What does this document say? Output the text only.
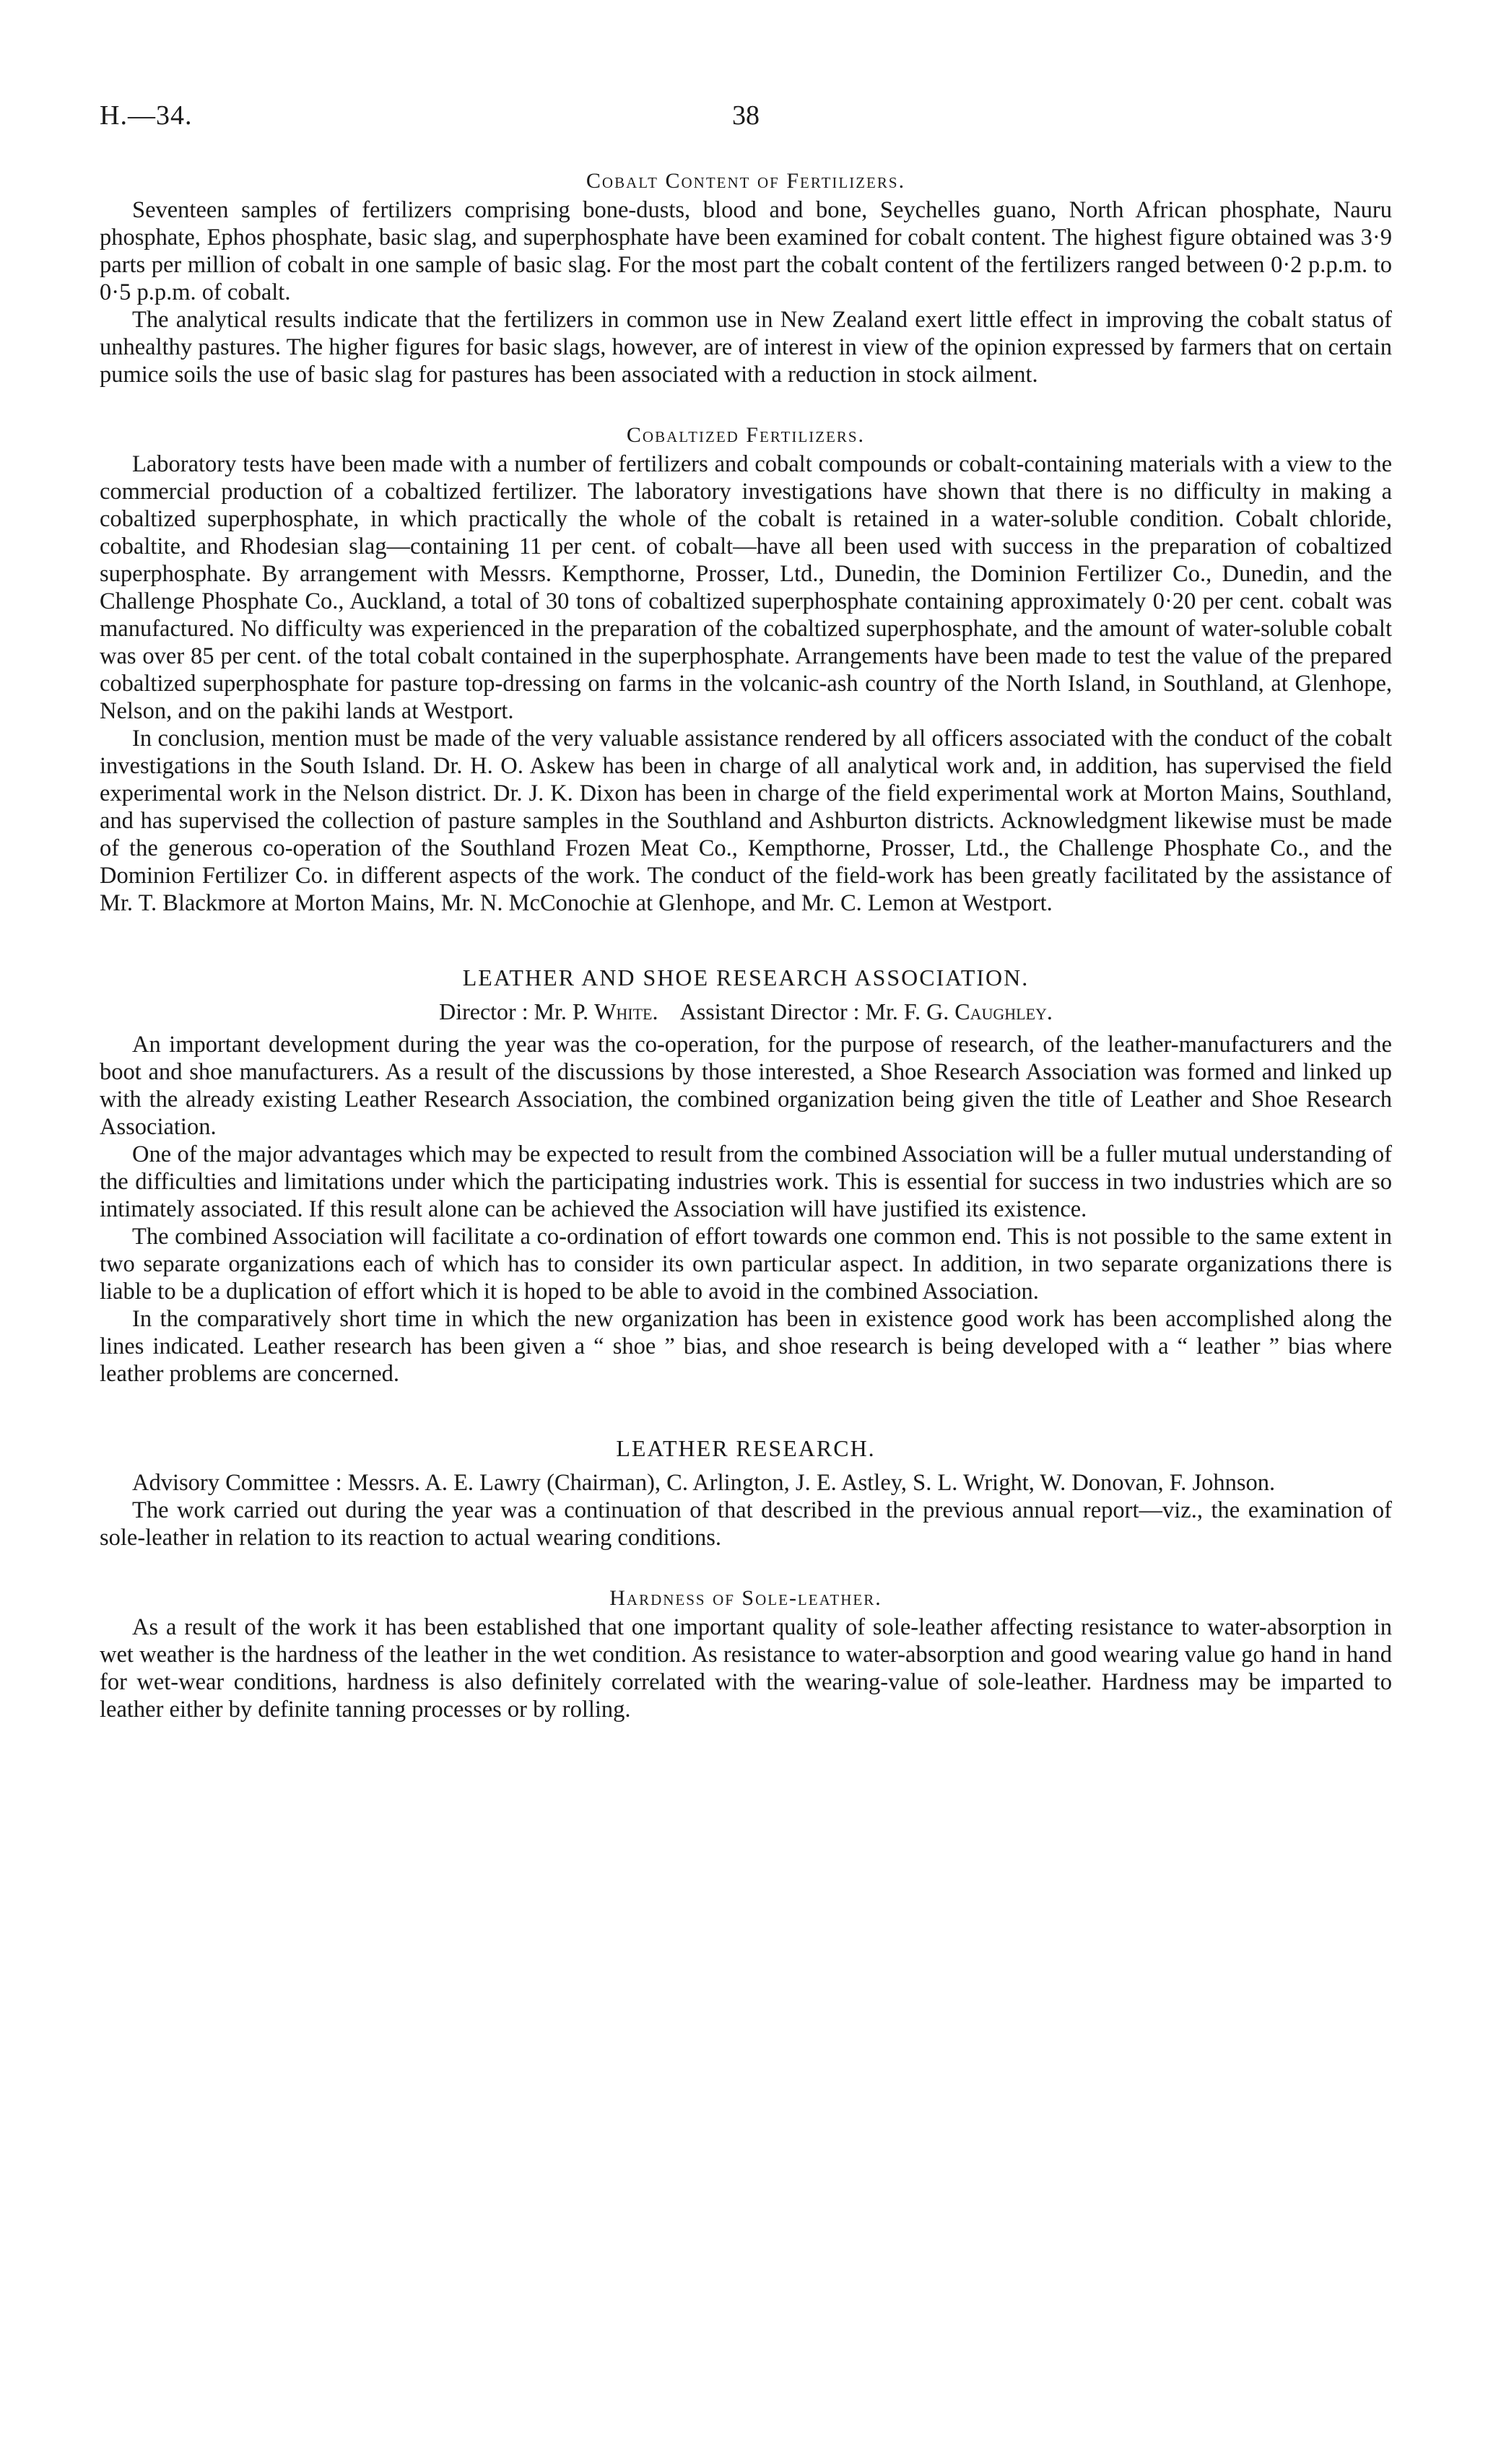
H.—34.	38
Cobalt Content of Fertilizers.

Seventeen samples of fertilizers comprising bone-dusts, blood and bone, Seychelles guano, North African phosphate, Nauru phosphate, Ephos phosphate, basic slag, and superphosphate have been examined for cobalt content. The highest figure obtained was 3·9 parts per million of cobalt in one sample of basic slag. For the most part the cobalt content of the fertilizers ranged between 0·2 p.p.m. to 0·5 p.p.m. of cobalt.

The analytical results indicate that the fertilizers in common use in New Zealand exert little effect in improving the cobalt status of unhealthy pastures. The higher figures for basic slags, however, are of interest in view of the opinion expressed by farmers that on certain pumice soils the use of basic slag for pastures has been associated with a reduction in stock ailment.

Cobaltized Fertilizers.

Laboratory tests have been made with a number of fertilizers and cobalt compounds or cobalt-containing materials with a view to the commercial production of a cobaltized fertilizer. The laboratory investigations have shown that there is no difficulty in making a cobaltized superphosphate, in which practically the whole of the cobalt is retained in a water-soluble condition. Cobalt chloride, cobaltite, and Rhodesian slag—containing 11 per cent. of cobalt—have all been used with success in the preparation of cobaltized superphosphate. By arrangement with Messrs. Kempthorne, Prosser, Ltd., Dunedin, the Dominion Fertilizer Co., Dunedin, and the Challenge Phosphate Co., Auckland, a total of 30 tons of cobaltized superphosphate containing approximately 0·20 per cent. cobalt was manufactured. No difficulty was experienced in the preparation of the cobaltized superphosphate, and the amount of water-soluble cobalt was over 85 per cent. of the total cobalt contained in the superphosphate. Arrangements have been made to test the value of the prepared cobaltized superphosphate for pasture top-dressing on farms in the volcanic-ash country of the North Island, in Southland, at Glenhope, Nelson, and on the pakihi lands at Westport.

In conclusion, mention must be made of the very valuable assistance rendered by all officers associated with the conduct of the cobalt investigations in the South Island. Dr. H. O. Askew has been in charge of all analytical work and, in addition, has supervised the field experimental work in the Nelson district. Dr. J. K. Dixon has been in charge of the field experimental work at Morton Mains, Southland, and has supervised the collection of pasture samples in the Southland and Ashburton districts. Acknowledgment likewise must be made of the generous co-operation of the Southland Frozen Meat Co., Kempthorne, Prosser, Ltd., the Challenge Phosphate Co., and the Dominion Fertilizer Co. in different aspects of the work. The conduct of the field-work has been greatly facilitated by the assistance of Mr. T. Blackmore at Morton Mains, Mr. N. McConochie at Glenhope, and Mr. C. Lemon at Westport.

LEATHER AND SHOE RESEARCH ASSOCIATION.
Director : Mr. P. White. Assistant Director : Mr. F. G. Caughley.

An important development during the year was the co-operation, for the purpose of research, of the leather-manufacturers and the boot and shoe manufacturers. As a result of the discussions by those interested, a Shoe Research Association was formed and linked up with the already existing Leather Research Association, the combined organization being given the title of Leather and Shoe Research Association.

One of the major advantages which may be expected to result from the combined Association will be a fuller mutual understanding of the difficulties and limitations under which the participating industries work. This is essential for success in two industries which are so intimately associated. If this result alone can be achieved the Association will have justified its existence.

The combined Association will facilitate a co-ordination of effort towards one common end. This is not possible to the same extent in two separate organizations each of which has to consider its own particular aspect. In addition, in two separate organizations there is liable to be a duplication of effort which it is hoped to be able to avoid in the combined Association.

In the comparatively short time in which the new organization has been in existence good work has been accomplished along the lines indicated. Leather research has been given a “ shoe ” bias, and shoe research is being developed with a “ leather ” bias where leather problems are concerned.

LEATHER RESEARCH.

Advisory Committee : Messrs. A. E. Lawry (Chairman), C. Arlington, J. E. Astley, S. L. Wright, W. Donovan, F. Johnson.

The work carried out during the year was a continuation of that described in the previous annual report—viz., the examination of sole-leather in relation to its reaction to actual wearing conditions.

Hardness of Sole-leather.

As a result of the work it has been established that one important quality of sole-leather affecting resistance to water-absorption in wet weather is the hardness of the leather in the wet condition. As resistance to water-absorption and good wearing value go hand in hand for wet-wear conditions, hardness is also definitely correlated with the wearing-value of sole-leather. Hardness may be imparted to leather either by definite tanning processes or by rolling.
